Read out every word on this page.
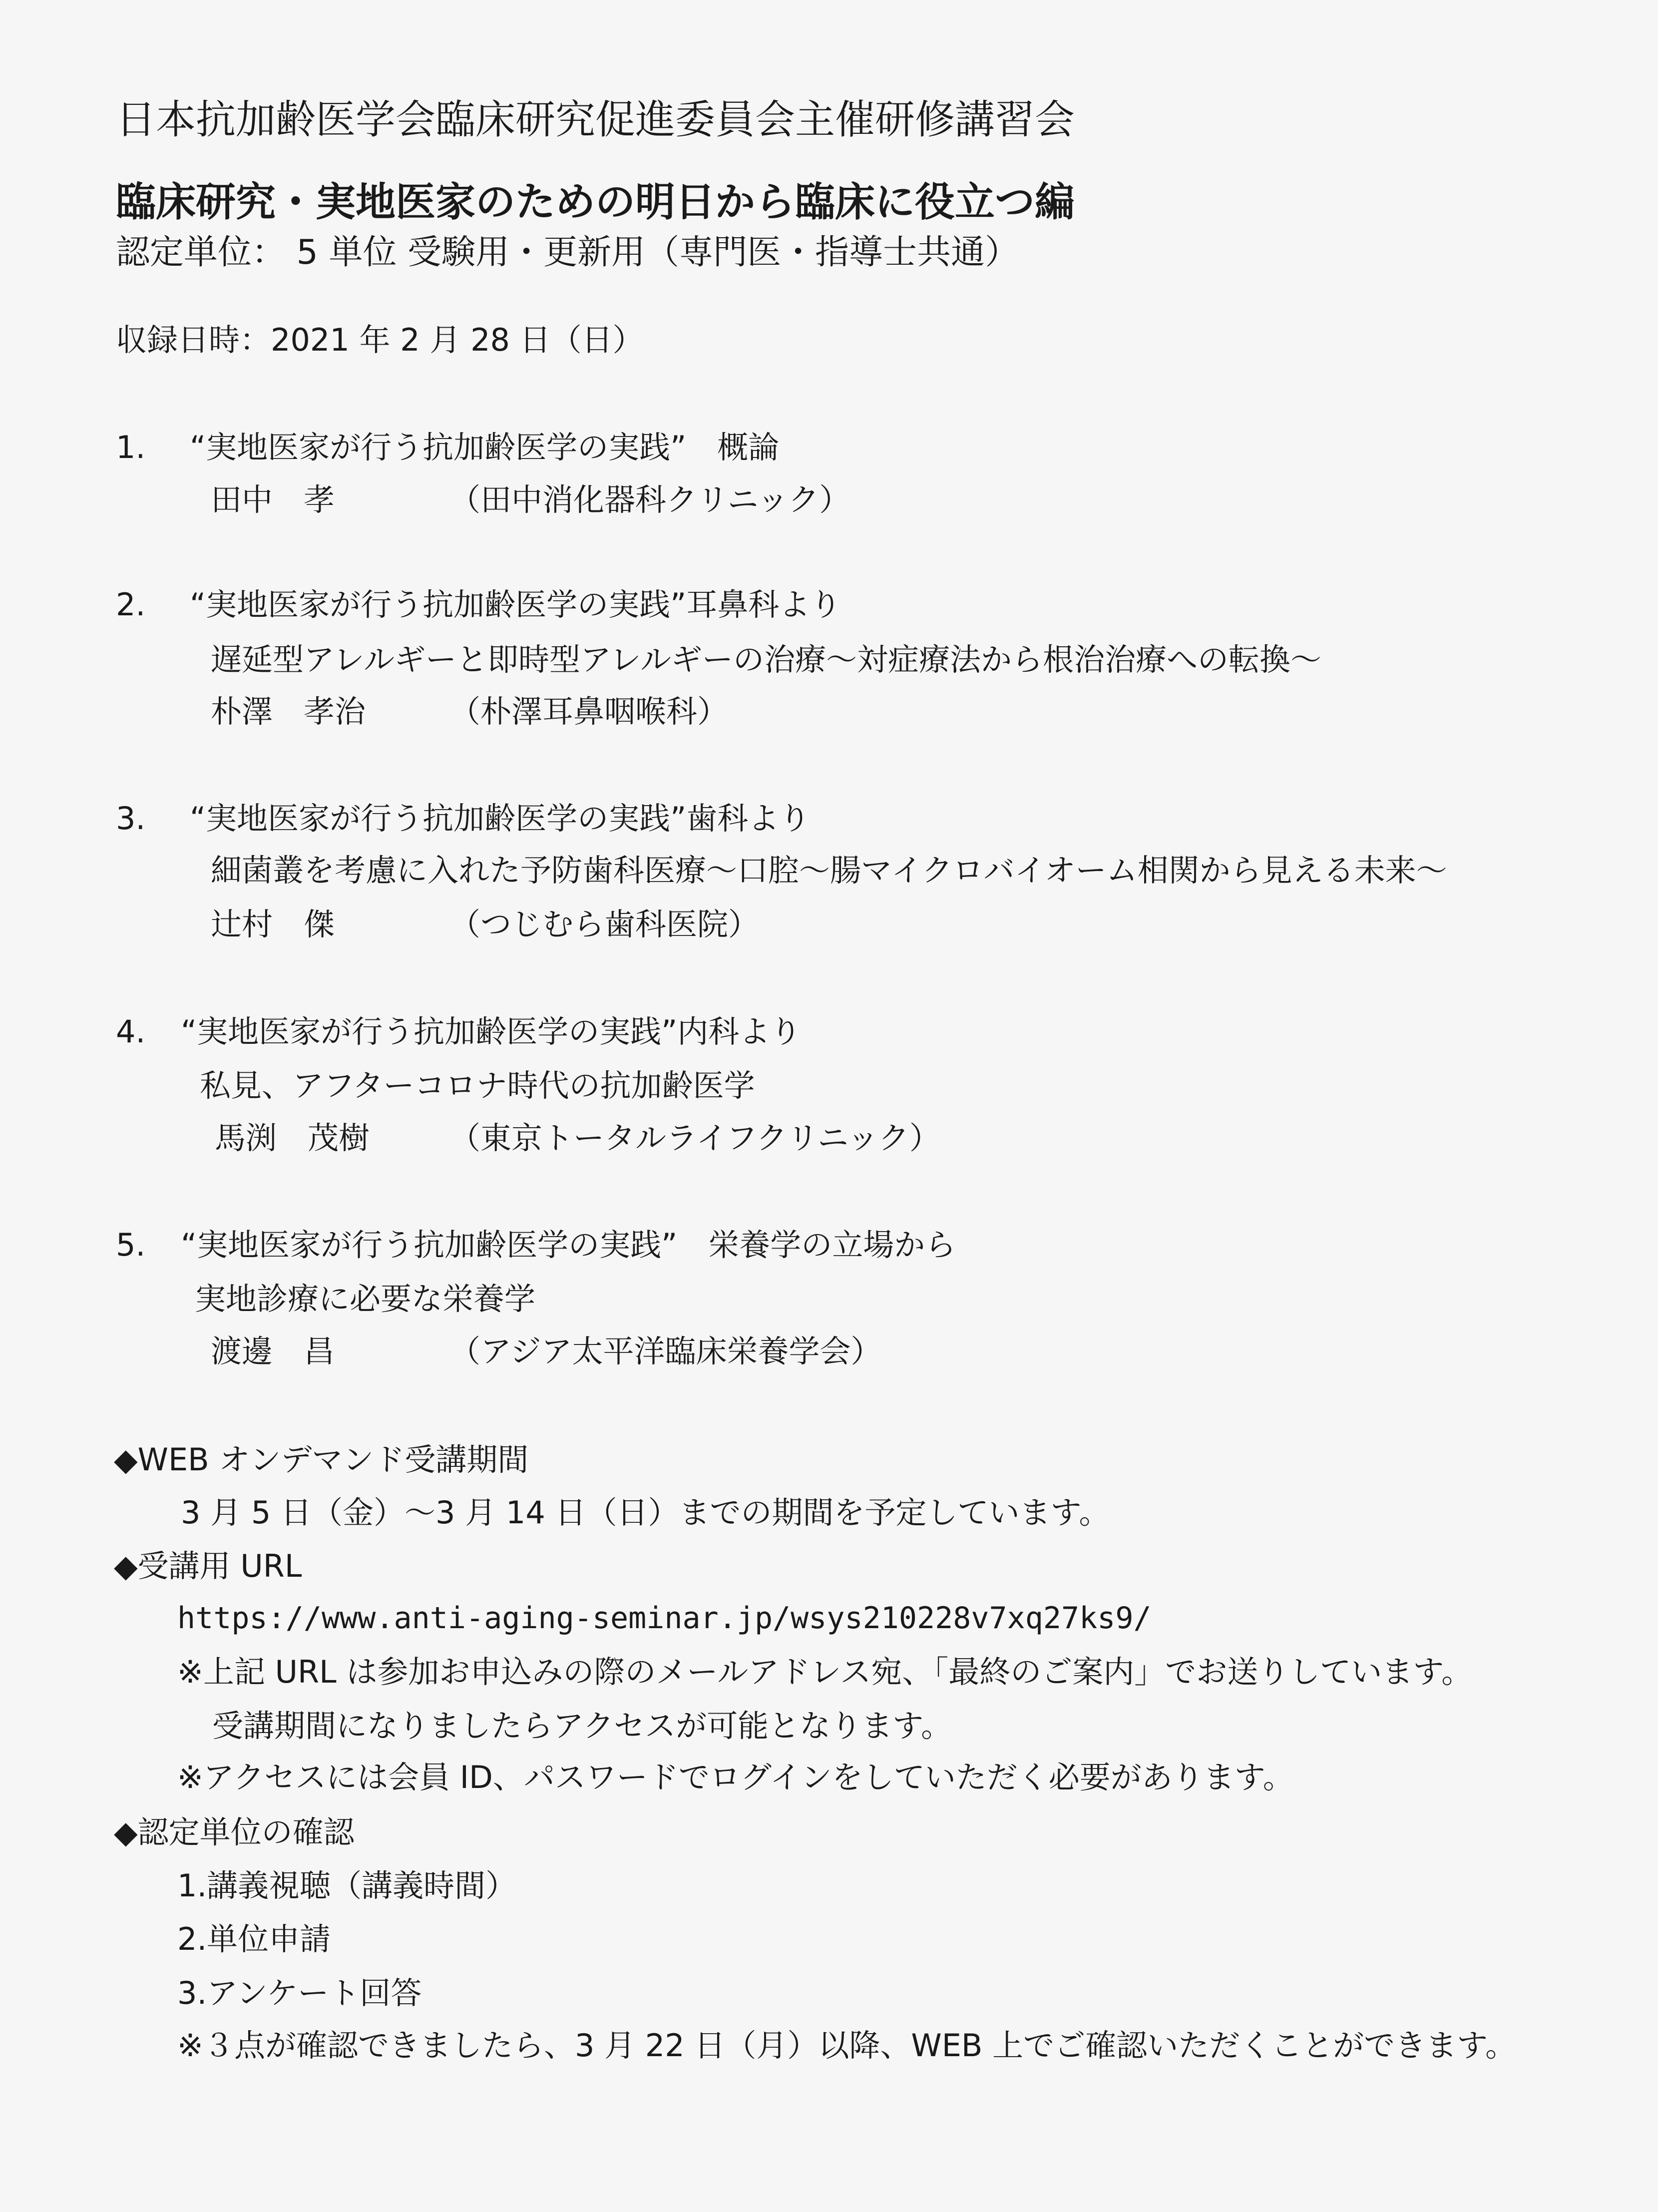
日本抗加齢医学会臨床研究促進委員会主催研修講習会
臨床研究・実地医家のための明日から臨床に役立つ編
認定単位： 5 単位 受験用・更新用（専門医・指導士共通）
収録日時：2021 年 2 月 28 日（日）
1. “実地医家が行う抗加齢医学の実践”　概論
田中　孝	（田中消化器科クリニック）
2. “実地医家が行う抗加齢医学の実践”耳鼻科より
遅延型アレルギーと即時型アレルギーの治療～対症療法から根治治療への転換～
朴澤　孝治	（朴澤耳鼻咽喉科）
3. “実地医家が行う抗加齢医学の実践”歯科より
細菌叢を考慮に入れた予防歯科医療～口腔～腸マイクロバイオーム相関から見える未来～
辻村　傑	（つじむら歯科医院）
4. “実地医家が行う抗加齢医学の実践”内科より
私見、アフターコロナ時代の抗加齢医学
馬渕　茂樹	（東京トータルライフクリニック）
5. “実地医家が行う抗加齢医学の実践”　栄養学の立場から
実地診療に必要な栄養学
渡邊　昌	（アジア太平洋臨床栄養学会）
◆WEB オンデマンド受講期間
3 月 5 日（金）～3 月 14 日（日）までの期間を予定しています。
◆受講用 URL
https://www.anti-aging-seminar.jp/wsys210228v7xq27ks9/
※上記 URL は参加お申込みの際のメールアドレス宛、「最終のご案内」でお送りしています。
受講期間になりましたらアクセスが可能となります。
※アクセスには会員 ID、パスワードでログインをしていただく必要があります。
◆認定単位の確認
1.講義視聴（講義時間）
2.単位申請
3.アンケート回答
※３点が確認できましたら、3 月 22 日（月）以降、WEB 上でご確認いただくことができます。
